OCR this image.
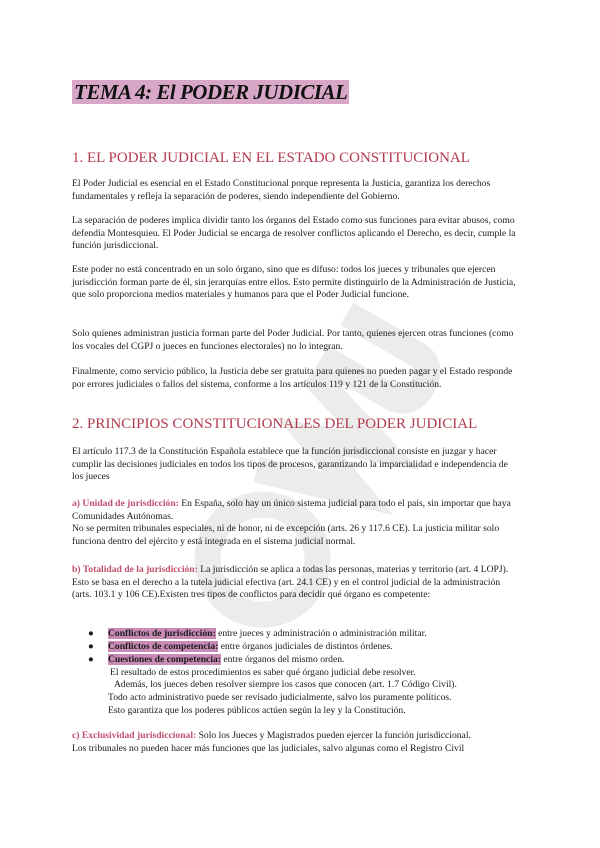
TEMA 4: El PODER JUDICIAL
1. EL PODER JUDICIAL EN EL ESTADO CONSTITUCIONAL
El Poder Judicial es esencial en el Estado Constitucional porque representa la Justicia, garantiza los derechos fundamentales y refleja la separación de poderes, siendo independiente del Gobierno.
La separación de poderes implica dividir tanto los órganos del Estado como sus funciones para evitar abusos, como defendía Montesquieu. El Poder Judicial se encarga de resolver conflictos aplicando el Derecho, es decir, cumple la función jurisdiccional.
Este poder no está concentrado en un solo órgano, sino que es difuso: todos los jueces y tribunales que ejercen jurisdicción forman parte de él, sin jerarquías entre ellos. Esto permite distinguirlo de la Administración de Justicia, que solo proporciona medios materiales y humanos para que el Poder Judicial funcione.
Solo quienes administran justicia forman parte del Poder Judicial. Por tanto, quienes ejercen otras funciones (como los vocales del CGPJ o jueces en funciones electorales) no lo integran.
Finalmente, como servicio público, la Justicia debe ser gratuita para quienes no pueden pagar y el Estado responde por errores judiciales o fallos del sistema, conforme a los artículos 119 y 121 de la Constitución.
2. PRINCIPIOS CONSTITUCIONALES DEL PODER JUDICIAL
El artículo 117.3 de la Constitución Española establece que la función jurisdiccional consiste en juzgar y hacer cumplir las decisiones judiciales en todos los tipos de procesos, garantizando la imparcialidad e independencia de los jueces
a) Unidad de jurisdicción: En España, solo hay un único sistema judicial para todo el país, sin importar que haya Comunidades Autónomas.
No se permiten tribunales especiales, ni de honor, ni de excepción (arts. 26 y 117.6 CE). La justicia militar solo funciona dentro del ejército y está integrada en el sistema judicial normal.
b) Totalidad de la jurisdicción: La jurisdicción se aplica a todas las personas, materias y territorio (art. 4 LOPJ). Esto se basa en el derecho a la tutela judicial efectiva (art. 24.1 CE) y en el control judicial de la administración (arts. 103.1 y 106 CE).Existen tres tipos de conflictos para decidir qué órgano es competente:
● Conflictos de jurisdicción: entre jueces y administración o administración militar.
● Conflictos de competencia: entre órganos judiciales de distintos órdenes.
● Cuestiones de competencia: entre órganos del mismo orden.
El resultado de estos procedimientos es saber qué órgano judicial debe resolver.
Además, los jueces deben resolver siempre los casos que conocen (art. 1.7 Código Civil).
Todo acto administrativo puede ser revisado judicialmente, salvo los puramente políticos.
Esto garantiza que los poderes públicos actúen según la ley y la Constitución.
c) Exclusividad jurisdiccional: Solo los Jueces y Magistrados pueden ejercer la función jurisdiccional.
Los tribunales no pueden hacer más funciones que las judiciales, salvo algunas como el Registro Civil
